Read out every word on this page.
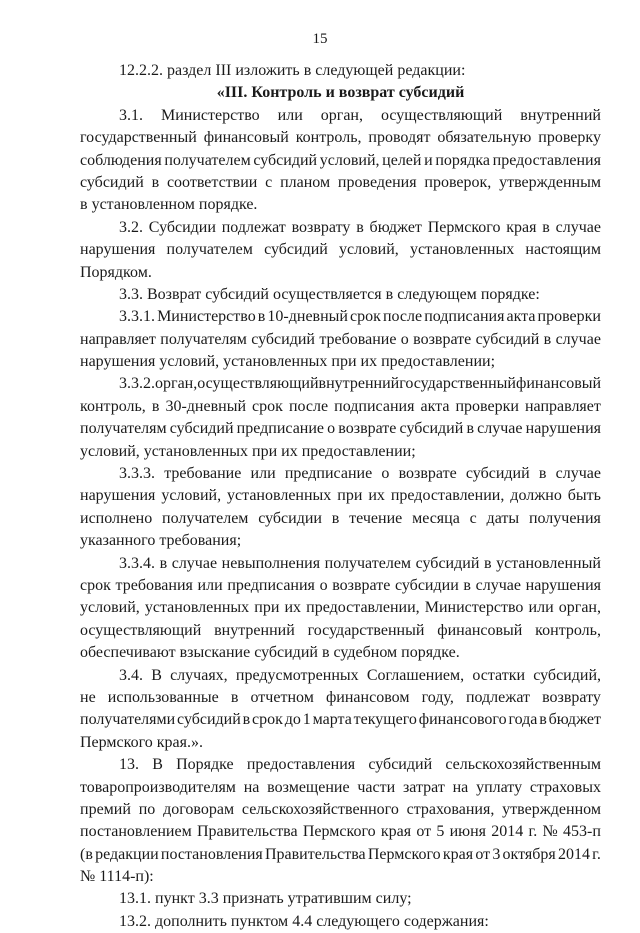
15
12.2.2. раздел III изложить в следующей редакции:
«III. Контроль и возврат субсидий
3.1. Министерство или орган, осуществляющий внутренний
государственный финансовый контроль, проводят обязательную проверку
соблюдения получателем субсидий условий, целей и порядка предоставления
субсидий в соответствии с планом проведения проверок, утвержденным
в установленном порядке.
3.2. Субсидии подлежат возврату в бюджет Пермского края в случае
нарушения получателем субсидий условий, установленных настоящим
Порядком.
3.3. Возврат субсидий осуществляется в следующем порядке:
3.3.1. Министерство в 10-дневный срок после подписания акта проверки
направляет получателям субсидий требование о возврате субсидий в случае
нарушения условий, установленных при их предоставлении;
3.3.2. орган, осуществляющий внутренний государственный финансовый
контроль, в 30-дневный срок после подписания акта проверки направляет
получателям субсидий предписание о возврате субсидий в случае нарушения
условий, установленных при их предоставлении;
3.3.3. требование или предписание о возврате субсидий в случае
нарушения условий, установленных при их предоставлении, должно быть
исполнено получателем субсидии в течение месяца с даты получения
указанного требования;
3.3.4. в случае невыполнения получателем субсидий в установленный
срок требования или предписания о возврате субсидии в случае нарушения
условий, установленных при их предоставлении, Министерство или орган,
осуществляющий внутренний государственный финансовый контроль,
обеспечивают взыскание субсидий в судебном порядке.
3.4. В случаях, предусмотренных Соглашением, остатки субсидий,
не использованные в отчетном финансовом году, подлежат возврату
получателями субсидий в срок до 1 марта текущего финансового года в бюджет
Пермского края.».
13. В Порядке предоставления субсидий сельскохозяйственным
товаропроизводителям на возмещение части затрат на уплату страховых
премий по договорам сельскохозяйственного страхования, утвержденном
постановлением Правительства Пермского края от 5 июня 2014 г. № 453-п
(в редакции постановления Правительства Пермского края от 3 октября 2014 г.
№ 1114-п):
13.1. пункт 3.3 признать утратившим силу;
13.2. дополнить пунктом 4.4 следующего содержания:
